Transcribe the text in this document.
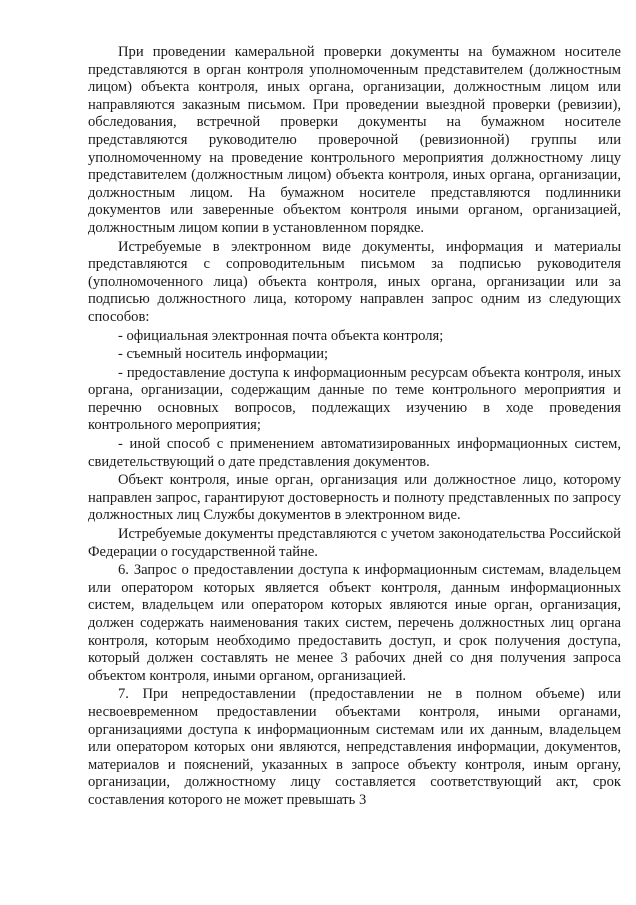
При проведении камеральной проверки документы на бумажном носителе представляются в орган контроля уполномоченным представителем (должностным лицом) объекта контроля, иных органа, организации, должностным лицом или направляются заказным письмом. При проведении выездной проверки (ревизии), обследования, встречной проверки документы на бумажном носителе представляются руководителю проверочной (ревизионной) группы или уполномоченному на проведение контрольного мероприятия должностному лицу представителем (должностным лицом) объекта контроля, иных органа, организации, должностным лицом. На бумажном носителе представляются подлинники документов или заверенные объектом контроля иными органом, организацией, должностным лицом копии в установленном порядке.

Истребуемые в электронном виде документы, информация и материалы представляются с сопроводительным письмом за подписью руководителя (уполномоченного лица) объекта контроля, иных органа, организации или за подписью должностного лица, которому направлен запрос одним из следующих способов:

- официальная электронная почта объекта контроля;

- съемный носитель информации;

- предоставление доступа к информационным ресурсам объекта контроля, иных органа, организации, содержащим данные по теме контрольного мероприятия и перечню основных вопросов, подлежащих изучению в ходе проведения контрольного мероприятия;

- иной способ с применением автоматизированных информационных систем, свидетельствующий о дате представления документов.

Объект контроля, иные орган, организация или должностное лицо, которому направлен запрос, гарантируют достоверность и полноту представленных по запросу должностных лиц Службы документов в электронном виде.

Истребуемые документы представляются с учетом законодательства Российской Федерации о государственной тайне.

6. Запрос о предоставлении доступа к информационным системам, владельцем или оператором которых является объект контроля, данным информационных систем, владельцем или оператором которых являются иные орган, организация, должен содержать наименования таких систем, перечень должностных лиц органа контроля, которым необходимо предоставить доступ, и срок получения доступа, который должен составлять не менее 3 рабочих дней со дня получения запроса объектом контроля, иными органом, организацией.

7. При непредоставлении (предоставлении не в полном объеме) или несвоевременном предоставлении объектами контроля, иными органами, организациями доступа к информационным системам или их данным, владельцем или оператором которых они являются, непредставления информации, документов, материалов и пояснений, указанных в запросе объекту контроля, иным органу, организации, должностному лицу составляется соответствующий акт, срок составления которого не может превышать 3
